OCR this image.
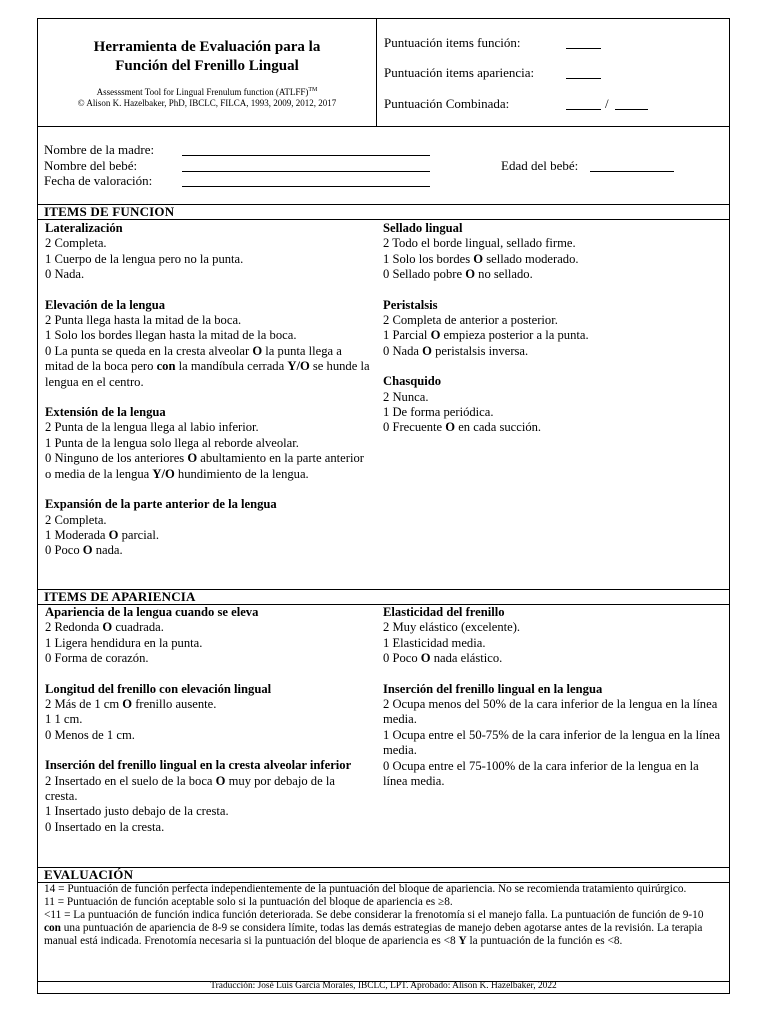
Herramienta de Evaluación para la
Función del Frenillo Lingual
Assesssment Tool for Lingual Frenulum function (ATLFF)™
© Alison K. Hazelbaker, PhD, IBCLC, FILCA, 1993, 2009, 2012, 2017
Puntuación items función:
Puntuación items apariencia:
Puntuación Combinada:	/
Nombre de la madre:
Nombre del bebé:
Fecha de valoración:
Edad del bebé:
ITEMS DE FUNCION
Lateralización
2 Completa.
1 Cuerpo de la lengua pero no la punta.
0 Nada.
Elevación de la lengua
2 Punta llega hasta la mitad de la boca.
1 Solo los bordes llegan hasta la mitad de la boca.
0 La punta se queda en la cresta alveolar O la punta llega a mitad de la boca pero con la mandíbula cerrada Y/O se hunde la lengua en el centro.
Extensión de la lengua
2 Punta de la lengua llega al labio inferior.
1 Punta de la lengua solo llega al reborde alveolar.
0 Ninguno de los anteriores O abultamiento en la parte anterior o media de la lengua Y/O hundimiento de la lengua.
Expansión de la parte anterior de la lengua
2 Completa.
1 Moderada O parcial.
0 Poco O nada.
Sellado lingual
2 Todo el borde lingual, sellado firme.
1 Solo los bordes O sellado moderado.
0 Sellado pobre O no sellado.
Peristalsis
2 Completa de anterior a posterior.
1 Parcial O empieza posterior a la punta.
0 Nada O peristalsis inversa.
Chasquido
2 Nunca.
1 De forma periódica.
0 Frecuente O en cada succión.
ITEMS DE APARIENCIA
Apariencia de la lengua cuando se eleva
2 Redonda O cuadrada.
1 Ligera hendidura en la punta.
0 Forma de corazón.
Longitud del frenillo con elevación lingual
2 Más de 1 cm O frenillo ausente.
1 1 cm.
0 Menos de 1 cm.
Inserción del frenillo lingual en la cresta alveolar inferior
2 Insertado en el suelo de la boca O muy por debajo de la cresta.
1 Insertado justo debajo de la cresta.
0 Insertado en la cresta.
Elasticidad del frenillo
2 Muy elástico (excelente).
1 Elasticidad media.
0 Poco O nada elástico.
Inserción del frenillo lingual en la lengua
2 Ocupa menos del 50% de la cara inferior de la lengua en la línea media.
1 Ocupa entre el 50-75% de la cara inferior de la lengua en la línea media.
0 Ocupa entre el 75-100% de la cara inferior de la lengua en la línea media.
EVALUACIÓN
14 = Puntuación de función perfecta independientemente de la puntuación del bloque de apariencia. No se recomienda tratamiento quirúrgico.
11 = Puntuación de función aceptable solo si la puntuación del bloque de apariencia es ≥8.
<11 = La puntuación de función indica función deteriorada. Se debe considerar la frenotomía si el manejo falla. La puntuación de función de 9-10 con una puntuación de apariencia de 8-9 se considera límite, todas las demás estrategias de manejo deben agotarse antes de la revisión. La terapia manual está indicada. Frenotomía necesaria si la puntuación del bloque de apariencia es <8 Y la puntuación de la función es <8.
Traducción: José Luis García Morales, IBCLC, LPT. Aprobado: Alison K. Hazelbaker, 2022
